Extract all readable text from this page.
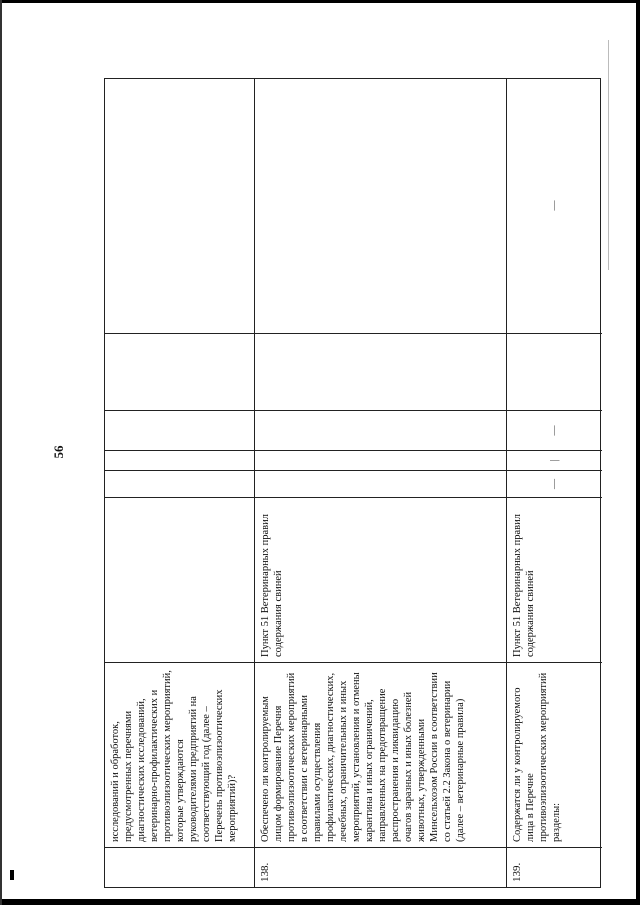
56
исследований и обработок, предусмотренных перечнями диагностических исследований, ветеринарно-профилактических и противоэпизоотических мероприятий, которые утверждаются руководителями предприятий на соответствующий год (далее – Перечень противоэпизоотических мероприятий)?
138.
Обеспечено ли контролируемым лицом формирование Перечня противоэпизоотических мероприятий в соответствии с ветеринарными правилами осуществления профилактических, диагностических, лечебных, ограничительных и иных мероприятий, установления и отмены карантина и иных ограничений, направленных на предотвращение распространения и ликвидацию очагов заразных и иных болезней животных, утвержденными Минсельхозом России в соответствии со статьей 2.2 Закона о ветеринарии (далее – ветеринарные правила)
Пункт 51 Ветеринарных правил содержания свиней
139.
Содержатся ли у контролируемого лица в Перечне противоэпизоотических мероприятий разделы:
Пункт 51 Ветеринарных правил содержания свиней
—
|
—
—
